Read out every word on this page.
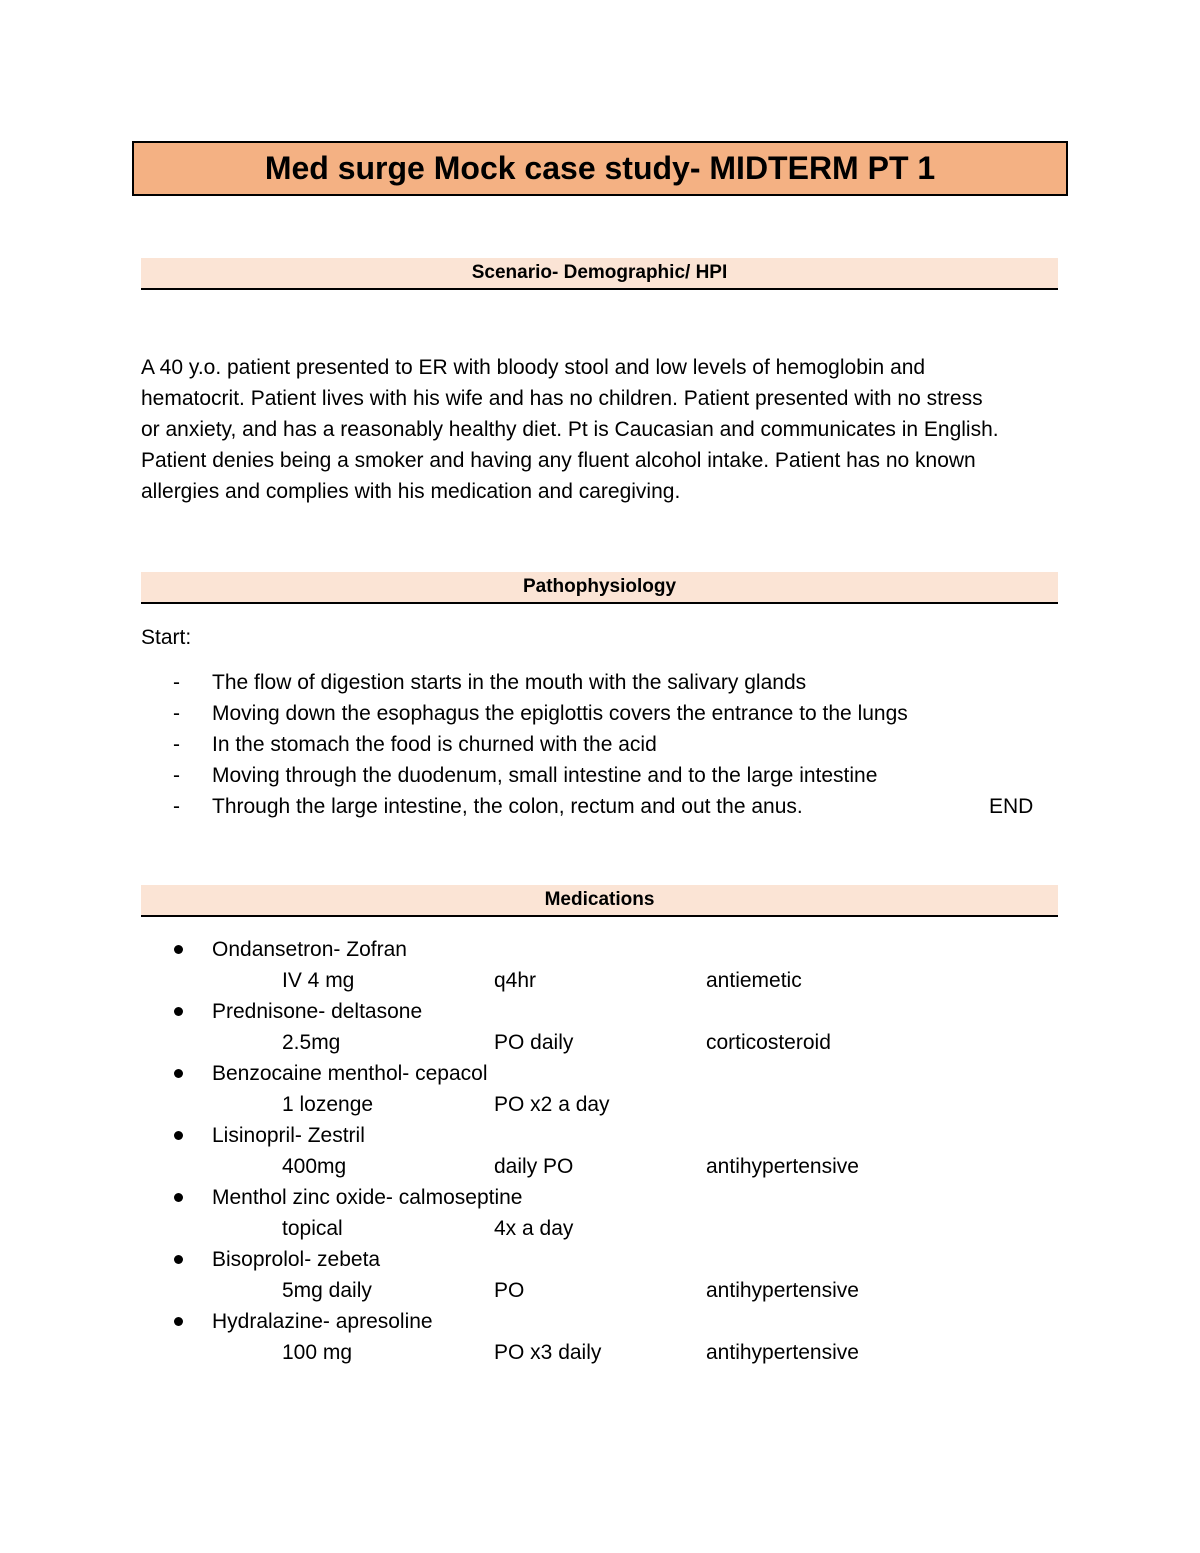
Med surge Mock case study- MIDTERM PT 1
Scenario- Demographic/ HPI

A 40 y.o. patient presented to ER with bloody stool and low levels of hemoglobin and
hematocrit. Patient lives with his wife and has no children. Patient presented with no stress
or anxiety, and has a reasonably healthy diet. Pt is Caucasian and communicates in English.
Patient denies being a smoker and having any fluent alcohol intake. Patient has no known
allergies and complies with his medication and caregiving.

Pathophysiology
Start:
- The flow of digestion starts in the mouth with the salivary glands
- Moving down the esophagus the epiglottis covers the entrance to the lungs
- In the stomach the food is churned with the acid
- Moving through the duodenum, small intestine and to the large intestine
- Through the large intestine, the colon, rectum and out the anus.	END
Medications
Ondansetron- Zofran
IV 4 mg	q4hr	antiemetic
Prednisone- deltasone
2.5mg	PO daily	corticosteroid
Benzocaine menthol- cepacol
1 lozenge	PO x2 a day
Lisinopril- Zestril
400mg	daily PO	antihypertensive
Menthol zinc oxide- calmoseptine
topical	4x a day
Bisoprolol- zebeta
5mg daily	PO	antihypertensive
Hydralazine- apresoline
100 mg	PO x3 daily	antihypertensive
